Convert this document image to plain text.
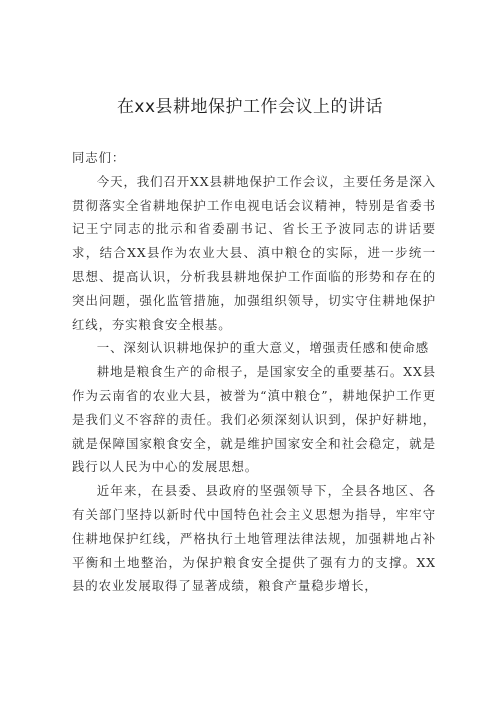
在xx县耕地保护工作会议上的讲话

同志们：

今天，我们召开XX县耕地保护工作会议，主要任务是深入贯彻落实全省耕地保护工作电视电话会议精神，特别是省委书记王宁同志的批示和省委副书记、省长王予波同志的讲话要求，结合XX县作为农业大县、滇中粮仓的实际，进一步统一思想、提高认识，分析我县耕地保护工作面临的形势和存在的突出问题，强化监管措施，加强组织领导，切实守住耕地保护红线，夯实粮食安全根基。

一、深刻认识耕地保护的重大意义，增强责任感和使命感

耕地是粮食生产的命根子，是国家安全的重要基石。XX县作为云南省的农业大县，被誉为“滇中粮仓”，耕地保护工作更是我们义不容辞的责任。我们必须深刻认识到，保护好耕地，就是保障国家粮食安全，就是维护国家安全和社会稳定，就是践行以人民为中心的发展思想。

近年来，在县委、县政府的坚强领导下，全县各地区、各有关部门坚持以新时代中国特色社会主义思想为指导，牢牢守住耕地保护红线，严格执行土地管理法律法规，加强耕地占补平衡和土地整治，为保护粮食安全提供了强有力的支撑。XX县的农业发展取得了显著成绩，粮食产量稳步增长，
